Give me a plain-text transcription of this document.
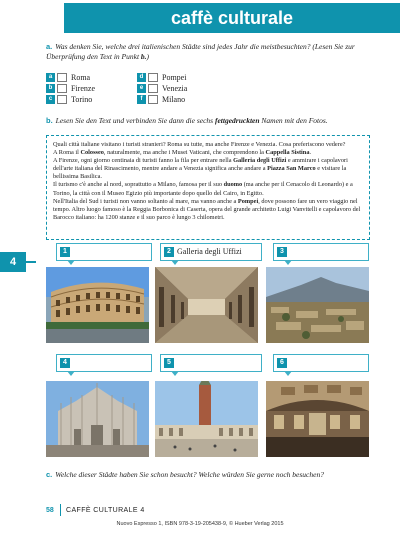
caffè culturale
4
a. Was denken Sie, welche drei italienischen Städte sind jedes Jahr die meistbesuchten? (Lesen Sie zur Überprüfung den Text in Punkt b.)
a	Roma
b	Firenze
c	Torino
d	Pompei
e	Venezia
f	Milano
b. Lesen Sie den Text und verbinden Sie dann die sechs fettgedruckten Namen mit den Fotos.

Quali città italiane visitano i turisti stranieri? Roma su tutte, ma anche Firenze e Venezia. Cosa preferiscono vedere?

A Roma il Colosseo, naturalmente, ma anche i Musei Vaticani, che comprendono la Cappella Sistina.

A Firenze, ogni giorno centinaia di turisti fanno la fila per entrare nella Galleria degli Uffizi e ammirare i capolavori dell'arte italiana del Rinascimento, mentre andare a Venezia significa anche andare a Piazza San Marco e visitare la bellissima Basilica.

Il turismo c'è anche al nord, soprattutto a Milano, famosa per il suo duomo (ma anche per il Cenacolo di Leonardo) e a Torino, la città con il Museo Egizio più importante dopo quello del Cairo, in Egitto.

Nell'Italia del Sud i turisti non vanno soltanto al mare, ma vanno anche a Pompei, dove possono fare un vero viaggio nel tempo. Altro luogo famoso è la Reggia Borbonica di Caserta, opera del grande architetto Luigi Vanvitelli e capolavoro del Barocco italiano: ha 1200 stanze e il suo parco è lungo 3 chilometri.

1	2 Galleria degli Uffizi	3
4	5	6
c. Welche dieser Städte haben Sie schon besucht? Welche würden Sie gerne noch besuchen?
58 CAFFÈ CULTURALE 4
Nuovo Espresso 1, ISBN 978-3-19-205438-9, © Hueber Verlag 2015
